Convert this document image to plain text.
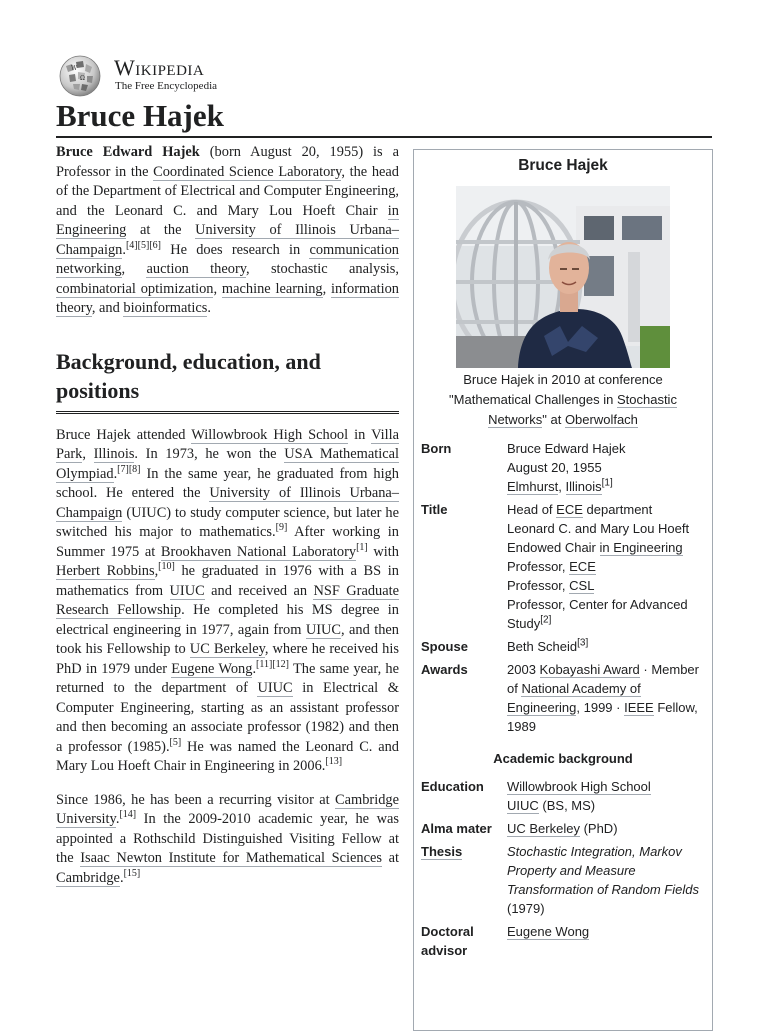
W
Ω Wikipedia
The Free Encyclopedia
Bruce Hajek

Bruce Edward Hajek (born August 20, 1955) is a Professor in the Coordinated Science Laboratory, the head of the Department of Electrical and Computer Engineering, and the Leonard C. and Mary Lou Hoeft Chair in Engineering at the University of Illinois Urbana–Champaign.[4][5][6] He does research in communication networking, auction theory, stochastic analysis, combinatorial optimization, machine learning, information theory, and bioinformatics.

Background, education, and positions

Bruce Hajek attended Willowbrook High School in Villa Park, Illinois. In 1973, he won the USA Mathematical Olympiad.[7][8] In the same year, he graduated from high school. He entered the University of Illinois Urbana–Champaign (UIUC) to study computer science, but later he switched his major to mathematics.[9] After working in Summer 1975 at Brookhaven National Laboratory[1] with Herbert Robbins,[10] he graduated in 1976 with a BS in mathematics from UIUC and received an NSF Graduate Research Fellowship. He completed his MS degree in electrical engineering in 1977, again from UIUC, and then took his Fellowship to UC Berkeley, where he received his PhD in 1979 under Eugene Wong.[11][12] The same year, he returned to the department of UIUC in Electrical & Computer Engineering, starting as an assistant professor and then becoming an associate professor (1982) and then a professor (1985).[5] He was named the Leonard C. and Mary Lou Hoeft Chair in Engineering in 2006.[13]

Since 1986, he has been a recurring visitor at Cambridge University.[14] In the 2009-2010 academic year, he was appointed a Rothschild Distinguished Visiting Fellow at the Isaac Newton Institute for Mathematical Sciences at Cambridge.[15]

Bruce Hajek
Bruce Hajek in 2010 at conference "Mathematical Challenges in Stochastic Networks" at Oberwolfach
Born	Bruce Edward Hajek
August 20, 1955
Elmhurst, Illinois[1]

Title	Head of ECE department
Leonard C. and Mary Lou Hoeft Endowed Chair in Engineering
Professor, ECE
Professor, CSL
Professor, Center for Advanced Study[2]

Spouse	Beth Scheid[3]

Awards	2003 Kobayashi Award · Member of National Academy of Engineering, 1999 · IEEE Fellow, 1989
Academic background
Education	Willowbrook High School
UIUC (BS, MS)

Alma mater	UC Berkeley (PhD)

Thesis	Stochastic Integration, Markov Property and Measure Transformation of Random Fields (1979)

Doctoral advisor	Eugene Wong
